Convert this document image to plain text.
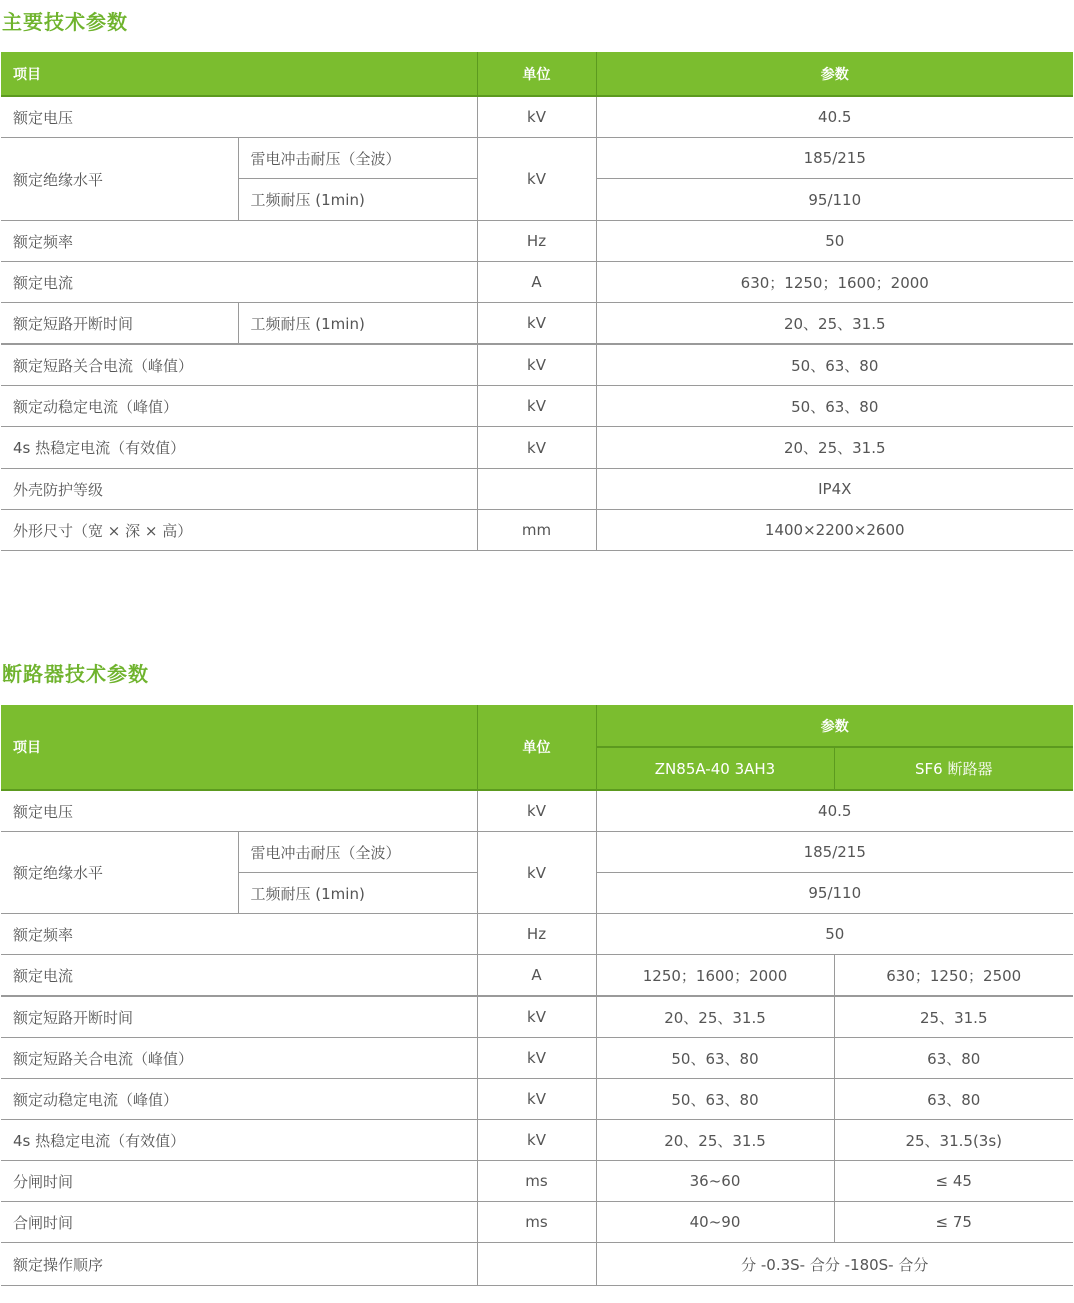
主要技术参数
项目		单位	参数
额定电压		kV	40.5
额定绝缘水平	雷电冲击耐压（全波）	kV	185/215
	工频耐压 (1min)		95/110
额定频率		Hz	50
额定电流		A	630；1250；1600；2000
额定短路开断时间	工频耐压 (1min)	kV	20、25、31.5
额定短路关合电流（峰值）		kV	50、63、80
额定动稳定电流（峰值）		kV	50、63、80
4s 热稳定电流（有效值）		kV	20、25、31.5
外壳防护等级			IP4X
外形尺寸（宽 × 深 × 高）		mm	1400×2200×2600
断路器技术参数
项目		单位	参数	
			ZN85A-40 3AH3	SF6 断路器
额定电压		kV	40.5	
额定绝缘水平	雷电冲击耐压（全波）	kV	185/215	
	工频耐压 (1min)		95/110	
额定频率		Hz	50	
额定电流		A	1250；1600；2000	630；1250；2500
额定短路开断时间		kV	20、25、31.5	25、31.5
额定短路关合电流（峰值）		kV	50、63、80	63、80
额定动稳定电流（峰值）		kV	50、63、80	63、80
4s 热稳定电流（有效值）		kV	20、25、31.5	25、31.5(3s)
分闸时间		ms	36~60	≤ 45
合闸时间		ms	40~90	≤ 75
额定操作顺序			分 -0.3S- 合分 -180S- 合分	
